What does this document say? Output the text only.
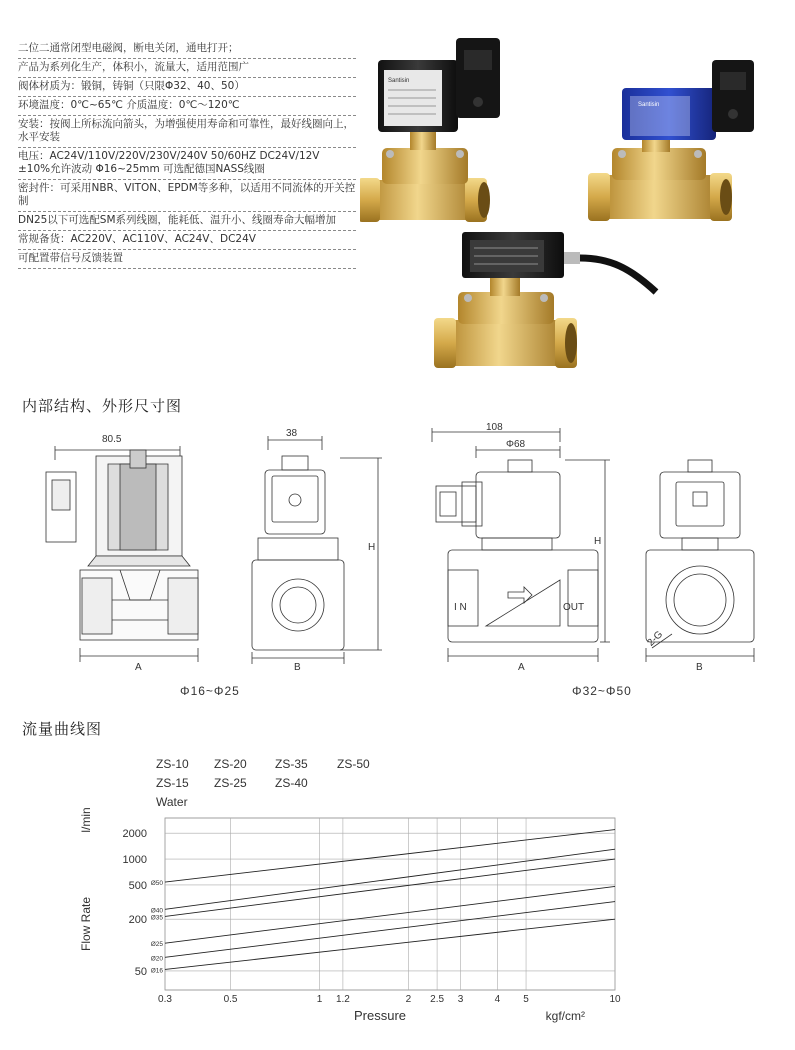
二位二通常闭型电磁阀，断电关闭，通电打开；
产品为系列化生产，体积小，流量大，适用范围广
阀体材质为：锻铜，铸铜（只限Φ32、40、50）
环境温度：0℃~65℃ 介质温度：0℃～120℃
安装：按阀上所标流向箭头，为增强使用寿命和可靠性，最好线圈向上，水平安装
电压：AC24V/110V/220V/230V/240V 50/60HZ DC24V/12V
±10%允许波动 Φ16~25mm 可选配德国NASS线圈
密封件：可采用NBR、VITON、EPDM等多种，以适用不同流体的开关控制
DN25以下可选配SM系列线圈，能耗低、温升小、线圈寿命大幅增加
常规备货：AC220V、AC110V、AC24V、DC24V
可配置带信号反馈装置
Santisin
Santisin
内部结构、外形尺寸图
80.5
38
108
Φ68
A	B
H
H
A	B
I N	OUT
2-G
Φ16~Φ25	Φ32~Φ50
流量曲线图
ZS-10 ZS-20 ZS-35 ZS-50
ZS-15 ZS-25 ZS-40
Water
0.3	0.5	1 1.2	2 2.5 3	4 5	10
2000
1000
500
200
50
Ø50
Ø40
Ø35
Ø25
Ø20
Ø16
Pressure	kgf/cm²
Flow Rate
l/min
